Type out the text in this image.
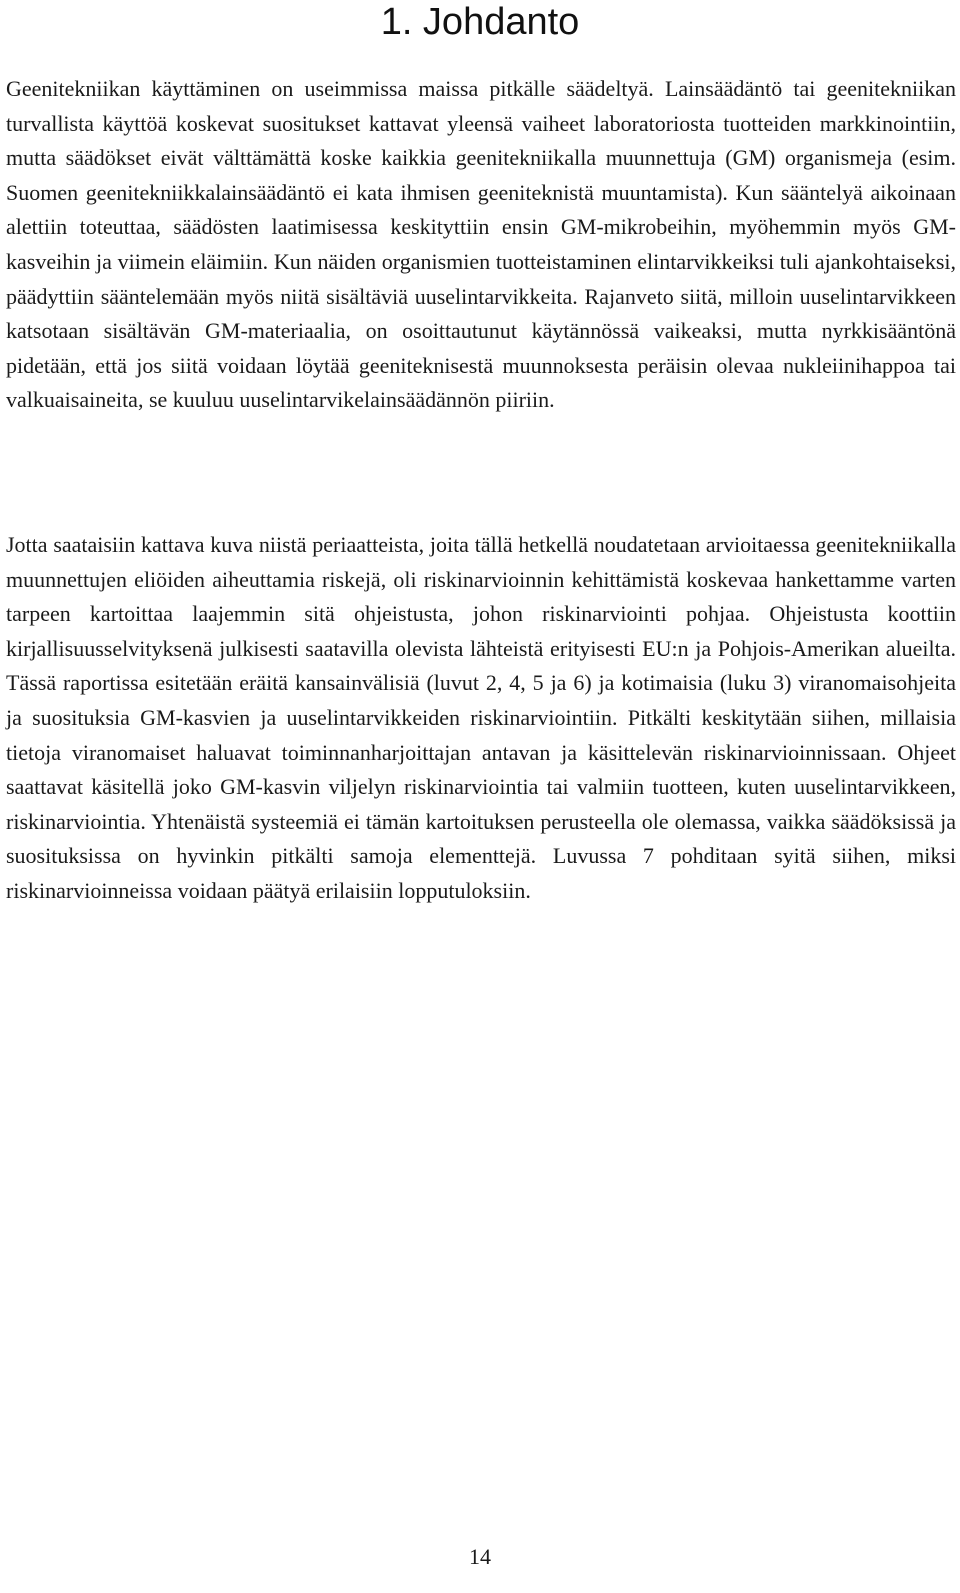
1. Johdanto

Geenitekniikan käyttäminen on useimmissa maissa pitkälle säädeltyä. Lainsäädäntö tai geenitekniikan turvallista käyttöä koskevat suositukset kattavat yleensä vaiheet laboratoriosta tuotteiden markkinointiin, mutta säädökset eivät välttämättä koske kaikkia geenitekniikalla muunnettuja (GM) organismeja (esim. Suomen geenitekniikkalainsäädäntö ei kata ihmisen geeniteknistä muuntamista). Kun sääntelyä aikoinaan alettiin toteuttaa, säädösten laatimisessa keskityttiin ensin GM-mikrobeihin, myöhemmin myös GM-kasveihin ja viimein eläimiin. Kun näiden organismien tuotteistaminen elintarvikkeiksi tuli ajankohtaiseksi, päädyttiin sääntelemään myös niitä sisältäviä uuselintarvikkeita. Rajanveto siitä, milloin uuselintarvikkeen katsotaan sisältävän GM-materiaalia, on osoittautunut käytännössä vaikeaksi, mutta nyrkkisääntönä pidetään, että jos siitä voidaan löytää geeniteknisestä muunnoksesta peräisin olevaa nukleiinihappoa tai valkuaisaineita, se kuuluu uuselintarvikelainsäädännön piiriin.

Jotta saataisiin kattava kuva niistä periaatteista, joita tällä hetkellä noudatetaan arvioitaessa geenitekniikalla muunnettujen eliöiden aiheuttamia riskejä, oli riskinarvioinnin kehittämistä koskevaa hankettamme varten tarpeen kartoittaa laajemmin sitä ohjeistusta, johon riskinarviointi pohjaa. Ohjeistusta koottiin kirjallisuusselvityksenä julkisesti saatavilla olevista lähteistä erityisesti EU:n ja Pohjois-Amerikan alueilta. Tässä raportissa esitetään eräitä kansainvälisiä (luvut 2, 4, 5 ja 6) ja kotimaisia (luku 3) viranomaisohjeita ja suosituksia GM-kasvien ja uuselintarvikkeiden riskinarviointiin. Pitkälti keskitytään siihen, millaisia tietoja viranomaiset haluavat toiminnanharjoittajan antavan ja käsittelevän riskinarvioinnissaan. Ohjeet saattavat käsitellä joko GM-kasvin viljelyn riskinarviointia tai valmiin tuotteen, kuten uuselintarvikkeen, riskinarviointia. Yhtenäistä systeemiä ei tämän kartoituksen perusteella ole olemassa, vaikka säädöksissä ja suosituksissa on hyvinkin pitkälti samoja elementtejä. Luvussa 7 pohditaan syitä siihen, miksi riskinarvioinneissa voidaan päätyä erilaisiin lopputuloksiin.

14
